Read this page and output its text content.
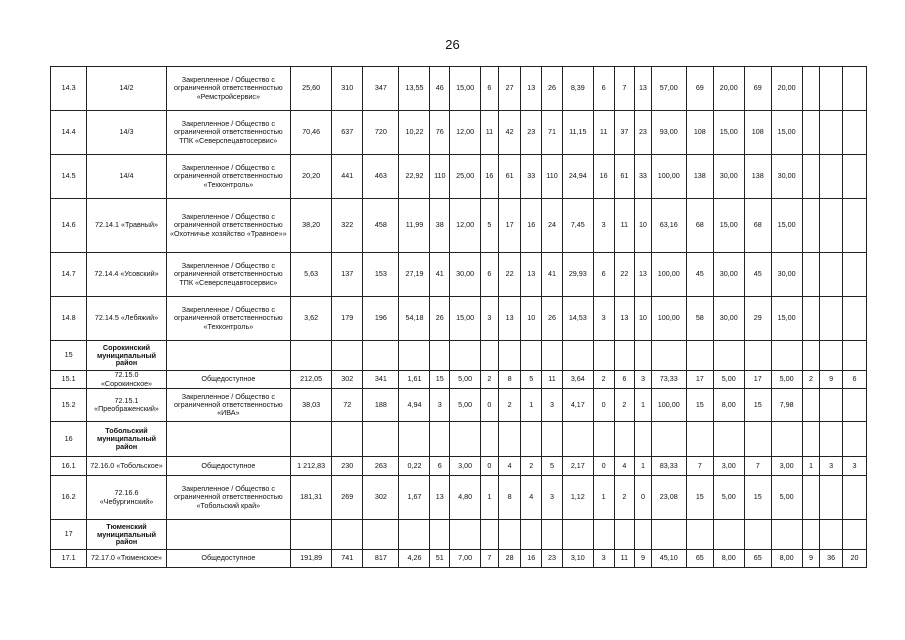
26
14.3	14/2	Закрепленное / Общество с ограниченной ответственностью «Ремстройсервис»	25,60	310	347	13,55	46	15,00	6	27	13	26	8,39	6	7	13	57,00	69	20,00	69	20,00			
14.4	14/3	Закрепленное / Общество с ограниченной ответственностью ТПК «Северспецавтосервис»	70,46	637	720	10,22	76	12,00	11	42	23	71	11,15	11	37	23	93,00	108	15,00	108	15,00			
14.5	14/4	Закрепленное / Общество с ограниченной ответственностью «Техконтроль»	20,20	441	463	22,92	110	25,00	16	61	33	110	24,94	16	61	33	100,00	138	30,00	138	30,00			
14.6	72.14.1 «Травный»	Закрепленное / Общество с ограниченной ответственностью «Охотничье хозяйство «Травное»»	38,20	322	458	11,99	38	12,00	5	17	16	24	7,45	3	11	10	63,16	68	15,00	68	15,00			
14.7	72.14.4 «Усовский»	Закрепленное / Общество с ограниченной ответственностью ТПК «Северспецавтосервис»	5,63	137	153	27,19	41	30,00	6	22	13	41	29,93	6	22	13	100,00	45	30,00	45	30,00			
14.8	72.14.5 «Лебяжий»	Закрепленное / Общество с ограниченной ответственностью «Техконтроль»	3,62	179	196	54,18	26	15,00	3	13	10	26	14,53	3	13	10	100,00	58	30,00	29	15,00			
15	Сорокинский муниципальный район																							
15.1	72.15.0 «Сорокинское»	Общедоступное	212,05	302	341	1,61	15	5,00	2	8	5	11	3,64	2	6	3	73,33	17	5,00	17	5,00	2	9	6
15.2	72.15.1 «Преображенский»	Закрепленное / Общество с ограниченной ответственностью «ИВА»	38,03	72	188	4,94	3	5,00	0	2	1	3	4,17	0	2	1	100,00	15	8,00	15	7,98			
16	Тобольский муниципальный район																							
16.1	72.16.0 «Тобольское»	Общедоступное	1 212,83	230	263	0,22	6	3,00	0	4	2	5	2,17	0	4	1	83,33	7	3,00	7	3,00	1	3	3
16.2	72.16.6 «Чебургинский»	Закрепленное / Общество с ограниченной ответственностью «Тобольский край»	181,31	269	302	1,67	13	4,80	1	8	4	3	1,12	1	2	0	23,08	15	5,00	15	5,00			
17	Тюменский муниципальный район																							
17.1	72.17.0 «Тюменское»	Общедоступное	191,89	741	817	4,26	51	7,00	7	28	16	23	3,10	3	11	9	45,10	65	8,00	65	8,00	9	36	20
